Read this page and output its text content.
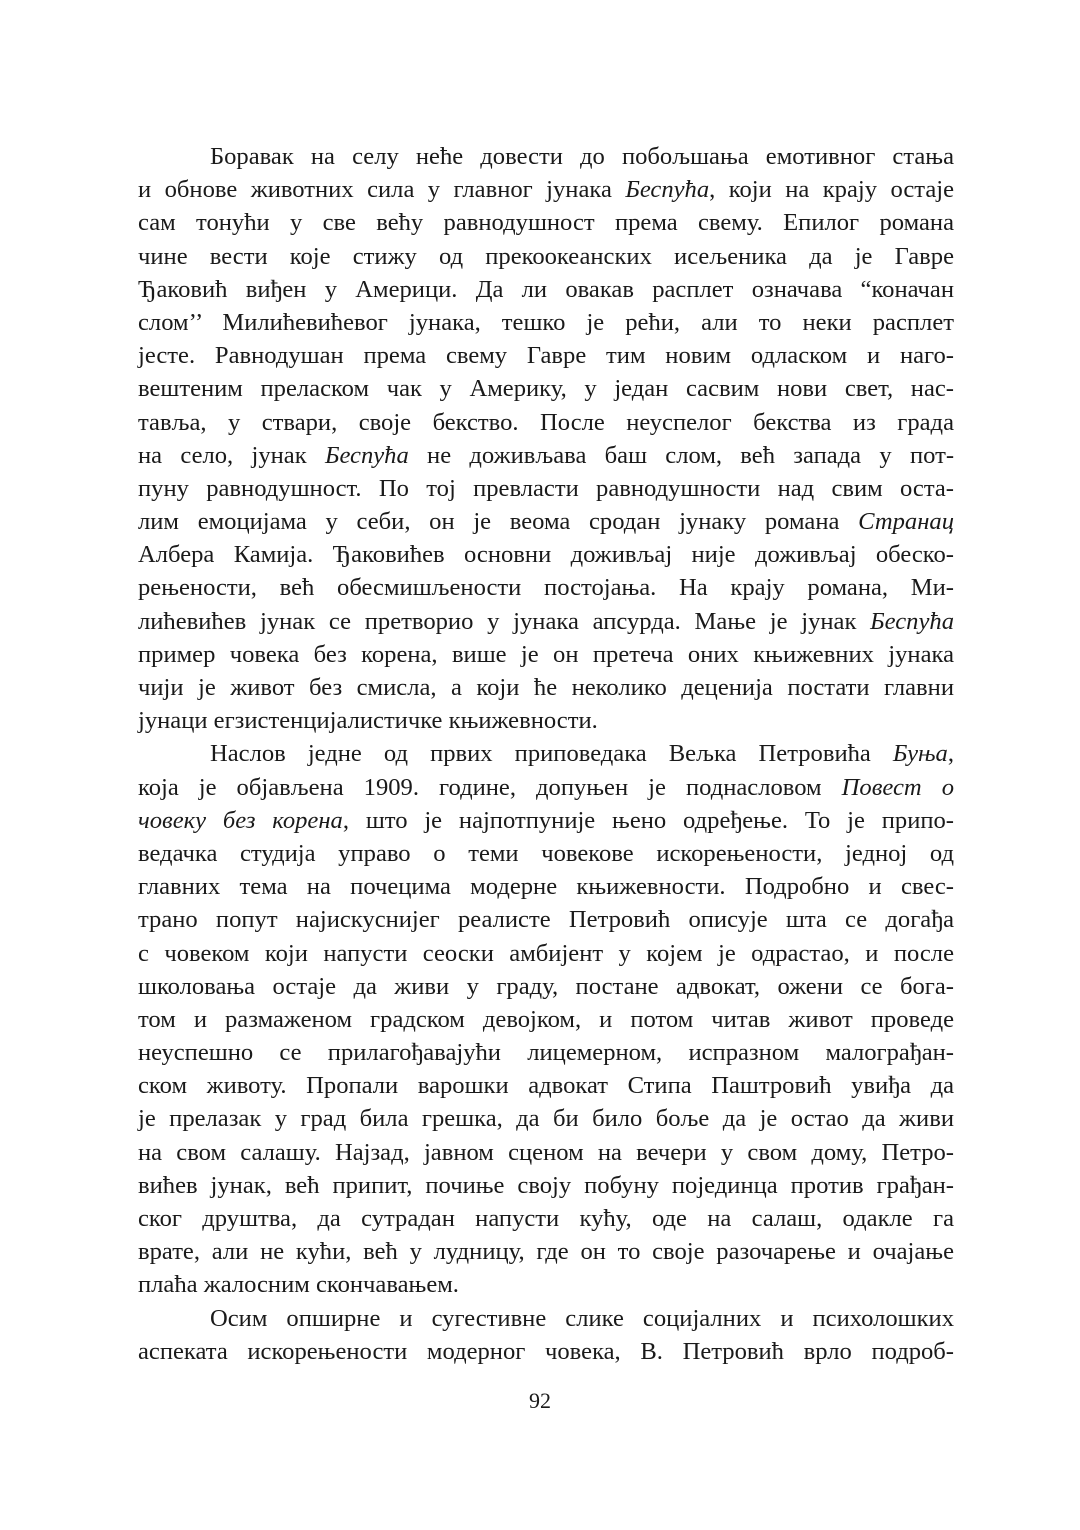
Боравак на селу неће довести до побољшања емотивног стања
и обнове животних сила у главног јунака Беспућа, који на крају остаје
сам тонући у све већу равнодушност према свему. Епилог романа
чине вести које стижу од прекоокеанских исељеника да је Гавре
Ђаковић виђен у Америци. Да ли овакав расплет означава “коначан
слом’’ Милићевићевог јунака, тешко је рећи, али то неки расплет
јесте. Равнодушан према свему Гавре тим новим одласком и наго-
вештеним преласком чак у Америку, у један сасвим нови свет, нас-
тавља, у ствари, своје бекство. После неуспелог бекства из града
на село, јунак Беспућа не доживљава баш слом, већ запада у пот-
пуну равнодушност. По тој превласти равнодушности над свим оста-
лим емоцијама у себи, он је веома сродан јунаку романа Странац
Албера Камија. Ђаковићев основни доживљај није доживљај обеско-
рењености, већ обесмишљености постојања. На крају романа, Ми-
лићевићев јунак се претворио у јунака апсурда. Мање је јунак Беспућа
пример човека без корена, више је он претеча оних књижевних јунака
чији је живот без смисла, а који ће неколико деценија постати главни
јунаци егзистенцијалистичке књижевности.
Наслов једне од првих приповедака Вељка Петровића Буња,
која је објављена 1909. године, допуњен је поднасловом Повест о
човеку без корена, што је најпотпуније њено одређење. То је припо-
ведачка студија управо о теми човекове искорењености, једној од
главних тема на почецима модерне књижевности. Подробно и свес-
трано попут најискуснијег реалисте Петровић описује шта се догађа
с човеком који напусти сеоски амбијент у којем је одрастао, и после
школовања остаје да живи у граду, постане адвокат, ожени се бога-
том и размаженом градском девојком, и потом читав живот проведе
неуспешно се прилагођавајући лицемерном, испразном малограђан-
ском животу. Пропали варошки адвокат Стипа Паштровић увиђа да
је прелазак у град била грешка, да би било боље да је остао да живи
на свом салашу. Најзад, јавном сценом на вечери у свом дому, Петро-
вићев јунак, већ припит, почиње своју побуну појединца против грађан-
ског друштва, да сутрадан напусти кућу, оде на салаш, одакле га
врате, али не кући, већ у лудницу, где он то своје разочарење и очајање
плаћа жалосним скончавањем.
Осим опширне и сугестивне слике социјалних и психолошких
аспеката искорењености модерног човека, В. Петровић врло подроб-
92
